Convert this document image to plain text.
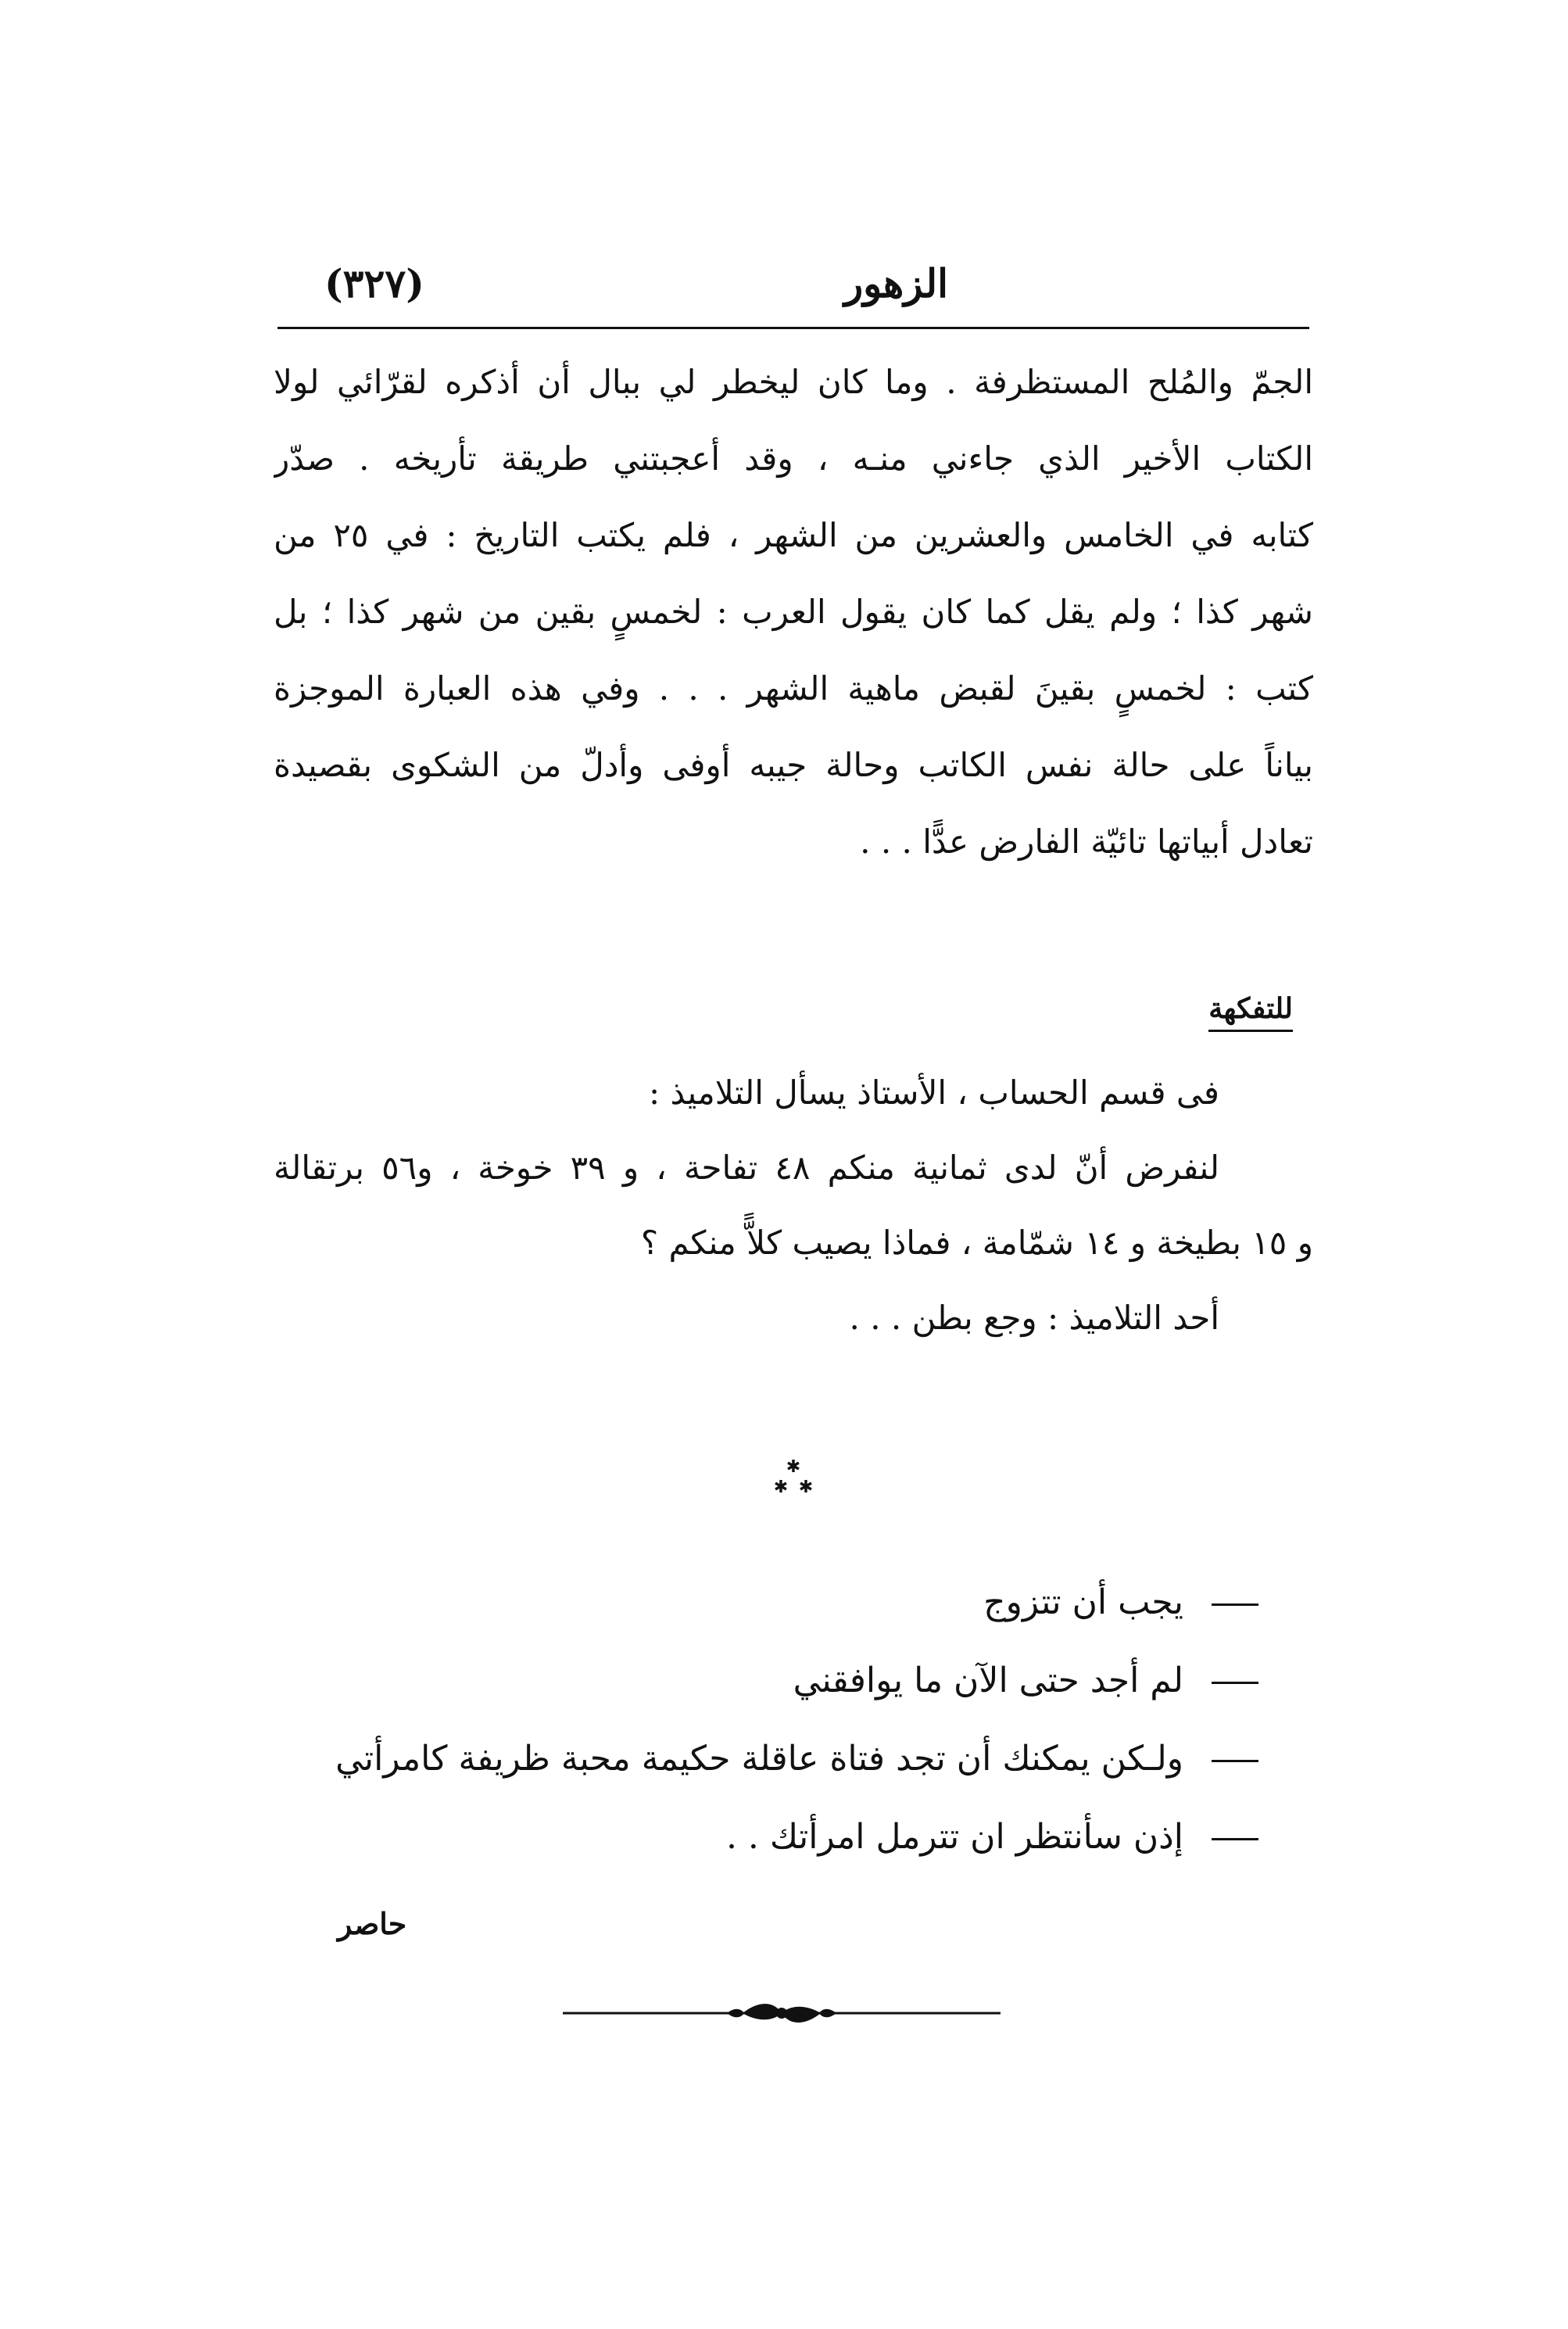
الزهور
(٣٢٧)
الجمّ والمُلح المستظرفة . وما كان ليخطر لي ببال أن أذكره لقرّائي لولا
الكتاب الأخير الذي جاءني منـه ، وقد أعجبتني طريقة تأريخه . صدّر
كتابه في الخامس والعشرين من الشهر ، فلم يكتب التاريخ : في ٢٥ من
شهر كذا ؛ ولم يقل كما كان يقول العرب : لخمسٍ بقين من شهر كذا ؛ بل
كتب : لخمسٍ بقينَ لقبض ماهية الشهر . . . وفي هذه العبارة الموجزة
بياناً على حالة نفس الكاتب وحالة جيبه أوفى وأدلّ من الشكوى بقصيدة
تعادل أبياتها تائيّة الفارض عدًّا . . .
للتفكهة
فى قسم الحساب ، الأستاذ يسأل التلاميذ :
لنفرض أنّ لدى ثمانية منكم ٤٨ تفاحة ، و ٣٩ خوخة ، و٥٦ برتقالة
و ١٥ بطيخة و ١٤ شمّامة ، فماذا يصيب كلاًّ منكم ؟
أحد التلاميذ : وجع بطن . . .
✱
✱ ✱
يجب أن تتزوج
لم أجد حتى الآن ما يوافقني
ولـكن يمكنك أن تجد فتاة عاقلة حكيمة محبة ظريفة كامرأتي
إذن سأنتظر ان تترمل امرأتك . .
حاصر
